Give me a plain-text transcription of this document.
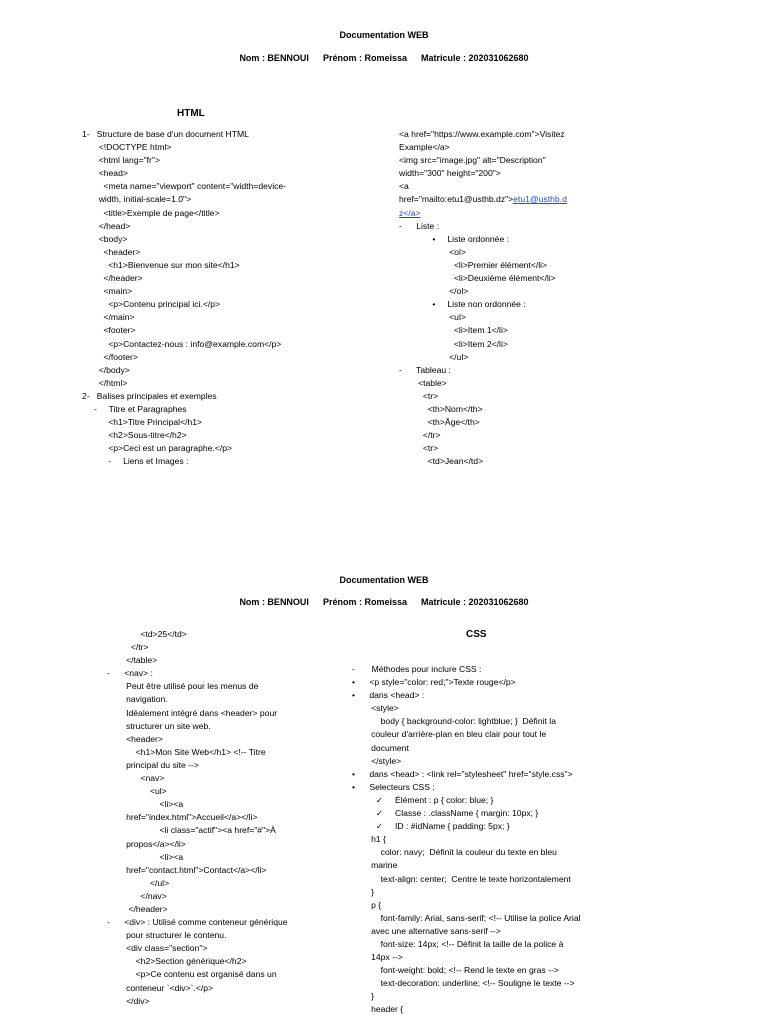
Documentation WEB
Nom : BENNOUI Prénom : Romeissa Matricule : 202031062680
HTML
1-   Structure de base d'un document HTML
<!DOCTYPE html>
<html lang="fr">
<head>
<meta name="viewport" content="width=device-
width, initial-scale=1.0">
<title>Exemple de page</title>
</head>
<body>
<header>
<h1>Bienvenue sur mon site</h1>
</header>
<main>
<p>Contenu principal ici.</p>
</main>
<footer>
<p>Contactez-nous : info@example.com</p>
</footer>
</body>
</html>
2-   Balises principales et exemples
-     Titre et Paragraphes
<h1>Titre Principal</h1>
<h2>Sous-titre</h2>
<p>Ceci est un paragraphe.</p>
-     Liens et Images :
<a href="https://www.example.com">Visitez
Example</a>
<img src="image.jpg" alt="Description"
width="300" height="200">
<a
href="mailto:etu1@usthb.dz">etu1@usthb.d
z</a>
-      Liste :
•     Liste ordonnée :
<ol>
<li>Premier élément</li>
<li>Deuxième élément</li>
</ol>
•     Liste non ordonnée :
<ul>
<li>Item 1</li>
<li>Item 2</li>
</ul>
-      Tableau :
<table>
<tr>
<th>Nom</th>
<th>Âge</th>
</tr>
<tr>
<td>Jean</td>
Documentation WEB
Nom : BENNOUI Prénom : Romeissa Matricule : 202031062680
CSS
<td>25</td>
</tr>
</table>
-      <nav> :
Peut être utilisé pour les menus de
navigation.
Idéalement intégré dans <header> pour
structurer un site web.
<header>
<h1>Mon Site Web</h1> <!-- Titre
principal du site -->
<nav>
<ul>
<li><a
href="index.html">Accueil</a></li>
<li class="actif"><a href="#">À
propos</a></li>
<li><a
href="contact.html">Contact</a></li>
</ul>
</nav>
</header>
-      <div> : Utilisé comme conteneur générique
pour structurer le contenu.
<div class="section">
<h2>Section générique</h2>
<p>Ce contenu est organisé dans un
conteneur `<div>`.</p>
</div>
-       Méthodes pour inclure CSS :
•      <p style="color: red;">Texte rouge</p>
•      dans <head> :
<style>
body { background-color: lightblue; }  Définit la
couleur d'arrière-plan en bleu clair pour tout le
document
</style>
•      dans <head> : <link rel="stylesheet" href="style.css">
•      Selecteurs CSS :
✓     Élément : p { color: blue; }
✓     Classe : .className { margin: 10px; }
✓     ID : #idName { padding: 5px; }
h1 {
color: navy;  Définit la couleur du texte en bleu
marine
text-align: center;  Centre le texte horizontalement
}
p {
font-family: Arial, sans-serif; <!-- Utilise la police Arial
avec une alternative sans-serif -->
font-size: 14px; <!-- Définit la taille de la police à
14px -->
font-weight: bold; <!-- Rend le texte en gras -->
text-decoration: underline; <!-- Souligne le texte -->
}
header {
